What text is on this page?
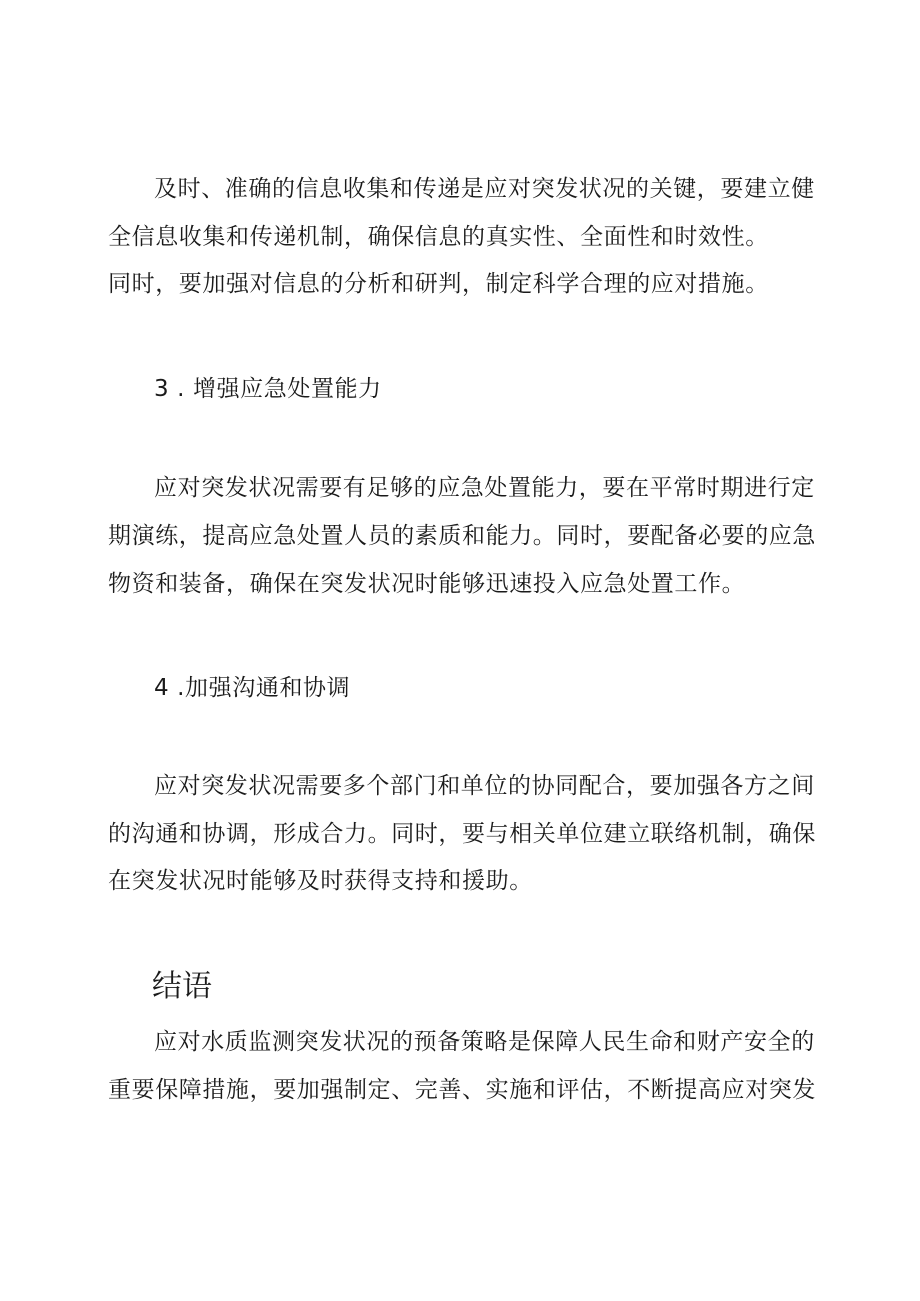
及时、准确的信息收集和传递是应对突发状况的关键，要建立健
全信息收集和传递机制，确保信息的真实性、全面性和时效性。
同时，要加强对信息的分析和研判，制定科学合理的应对措施。
3 . 增强应急处置能力
应对突发状况需要有足够的应急处置能力，要在平常时期进行定
期演练，提高应急处置人员的素质和能力。同时，要配备必要的应急
物资和装备，确保在突发状况时能够迅速投入应急处置工作。
4 .加强沟通和协调
应对突发状况需要多个部门和单位的协同配合，要加强各方之间
的沟通和协调，形成合力。同时，要与相关单位建立联络机制，确保
在突发状况时能够及时获得支持和援助。
结语
应对水质监测突发状况的预备策略是保障人民生命和财产安全的
重要保障措施，要加强制定、完善、实施和评估，不断提高应对突发
